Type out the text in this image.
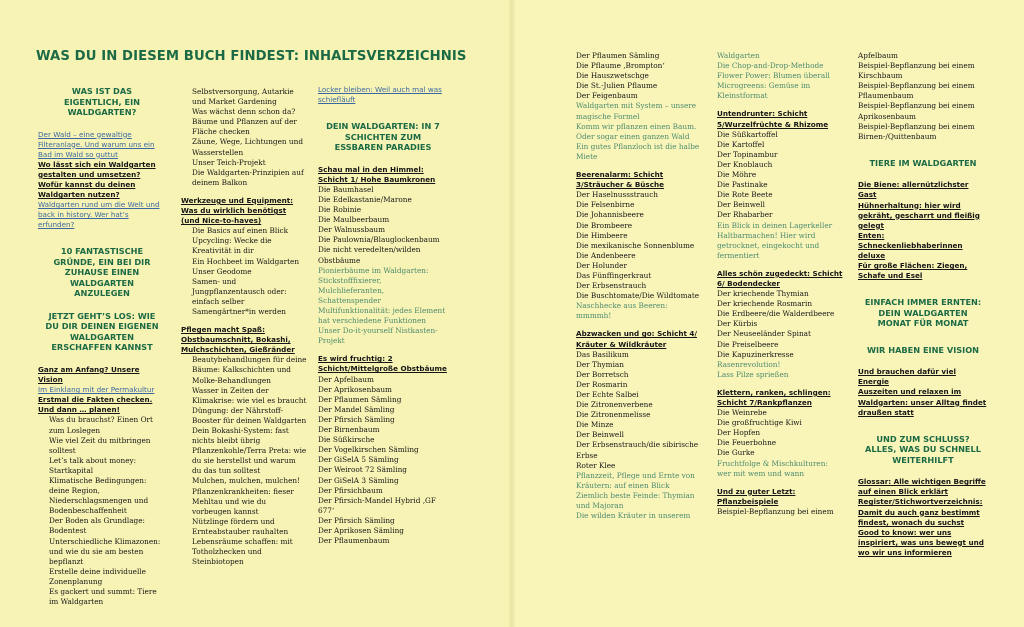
WAS DU IN DIESEM BUCH FINDEST: INHALTSVERZEICHNIS
WAS IST DAS EIGENTLICH, EIN WALDGARTEN?
Der Wald – eine gewaltige Filteranlage. Und warum uns ein Bad im Wald so guttut
Wo lässt sich ein Waldgarten gestalten und umsetzen?
Wofür kannst du deinen Waldgarten nutzen?
Waldgarten rund um die Welt und back in history. Wer hat’s erfunden?
10 FANTASTISCHE GRÜNDE, EIN BEI DIR ZUHAUSE EINEN WALDGARTEN ANZULEGEN
JETZT GEHT’S LOS: WIE DU DIR DEINEN EIGENEN WALDGARTEN ERSCHAFFEN KANNST
Ganz am Anfang? Unsere Vision
Im Einklang mit der Permakultur
Erstmal die Fakten checken. Und dann … planen!
Was du brauchst? Einen Ort zum Loslegen
Wie viel Zeit du mitbringen solltest
Let’s talk about money: Startkapital
Klimatische Bedingungen: deine Region, Niederschlagsmengen und Bodenbeschaffenheit
Der Boden als Grundlage: Bodentest
Unterschiedliche Klimazonen: und wie du sie am besten bepflanzt
Erstelle deine individuelle Zonenplanung
Es gackert und summt: Tiere im Waldgarten
Selbstversorgung, Autarkie und Market Gardening
Was wächst denn schon da? Bäume und Pflanzen auf der Fläche checken
Zäune, Wege, Lichtungen und Wasserstellen
Unser Teich-Projekt
Die Waldgarten-Prinzipien auf deinem Balkon
Werkzeuge und Equipment: Was du wirklich benötigst (und Nice-to-haves)
Die Basics auf einen Blick Upcycling: Wecke die Kreativität in dir
Ein Hochbeet im Waldgarten
Unser Geodome
Samen- und Jungpflanzentausch oder: einfach selber Samengärtner*in werden
Pflegen macht Spaß: Obstbaumschnitt, Bokashi, Mulchschichten, Gießränder
Beautybehandlungen für deine Bäume: Kalkschichten und Molke-Behandlungen
Wasser in Zeiten der Klimakrise: wie viel es braucht
Düngung: der Nährstoff-Booster für deinen Waldgarten
Dein Bokashi-System: fast nichts bleibt übrig
Pflanzenkohle/Terra Preta: wie du sie herstellst und warum du das tun solltest
Mulchen, mulchen, mulchen!
Pflanzenkrankheiten: fieser Mehltau und wie du vorbeugen kannst
Nützlinge fördern und Ernteabstauber rauhalten
Lebensräume schaffen: mit Totholzhecken und Steinbiotopen
Locker bleiben: Weil auch mal was schiefläuft
DEIN WALDGARTEN: IN 7 SCHICHTEN ZUM ESSBAREN PARADIES
Schau mal in den Himmel: Schicht 1/ Hohe Baumkronen
Die Baumhasel
Die Edelkastanie/Marone
Die Robinie
Die Maulbeerbaum
Der Walnussbaum
Die Paulownia/Blauglockenbaum
Die nicht veredelten/wilden Obstbäume
Pionierbäume im Waldgarten: Stickstofffixierer, Mulchlieferanten, Schattenspender
Multifunktionalität: jedes Element hat verschiedene Funktionen
Unser Do-it-yourself Nistkasten-Projekt
Es wird fruchtig: 2 Schicht/Mittelgroße Obstbäume
Der Apfelbaum
Der Aprikosenbaum
Der Pflaumen Sämling
Der Mandel Sämling
Der Pfirsich Sämling
Der Birnenbaum
Die Süßkirsche
Der Vogelkirschen Sämling
Der GiSelA 5 Sämling
Der Weiroot 72 Sämling
Der GiSelA 3 Sämling
Der Pfirsichbaum
Der Pfirsich-Mandel Hybrid ‚GF 677‘
Der Pfirsich Sämling
Der Aprikosen Sämling
Der Pflaumenbaum
Der Pflaumen Sämling
Die Pflaume ‚Brompton‘
Die Hauszwetschge
Die St.-Julien Pflaume
Der Feigenbaum
Waldgarten mit System – unsere magische Formel
Komm wir pflanzen einen Baum. Oder sogar einen ganzen Wald
Ein gutes Pflanzloch ist die halbe Miete
Beerenalarm: Schicht 3/Sträucher & Büsche
Der Haselnussstrauch
Die Felsenbirne
Die Johannisbeere
Die Brombeere
Die Himbeere
Die mexikanische Sonnenblume
Die Andenbeere
Der Holunder
Das Fünffingerkraut
Der Erbsenstrauch
Die Buschtomate/Die Wildtomate
Naschhecke aus Beeren: mmmmh!
Abzwacken und go: Schicht 4/ Kräuter & Wildkräuter
Das Basilikum
Der Thymian
Der Borretsch
Der Rosmarin
Der Echte Salbei
Die Zitronenverbene
Die Zitronenmelisse
Die Minze
Der Beinwell
Der Erbsenstrauch/die sibirische Erbse
Roter Klee
Pflanzzeit, Pflege und Ernte von Kräutern: auf einen Blick
Ziemlich beste Feinde: Thymian und Majoran
Die wilden Kräuter in unserem
Waldgarten
Die Chop-and-Drop-Methode
Flower Power: Blumen überall
Microgreens: Gemüse im Kleinstformat
Untendrunter: Schicht 5/Wurzelfrüchte & Rhizome
Die Süßkartoffel
Die Kartoffel
Der Topinambur
Der Knoblauch
Die Möhre
Die Pastinake
Die Rote Beete
Der Beinwell
Der Rhabarber
Ein Blick in deinen Lagerkeller
Haltbarmachen! Hier wird getrocknet, eingekocht und fermentiert
Alles schön zugedeckt: Schicht 6/ Bodendecker
Der kriechende Thymian
Der kriechende Rosmarin
Die Erdbeere/die Walderdbeere
Der Kürbis
Der Neuseeländer Spinat
Die Preiselbeere
Die Kapuzinerkresse
Rasenrevolution!
Lass Pilze sprießen
Klettern, ranken, schlingen: Schicht 7/Rankpflanzen
Die Weinrebe
Die großfruchtige Kiwi
Der Hopfen
Die Feuerbohne
Die Gurke
Fruchtfolge & Mischkulturen: wer mit wem und wann
Und zu guter Letzt: Pflanzbeispiele
Beispiel-Bepflanzung bei einem
Apfelbaum
Beispiel-Bepflanzung bei einem Kirschbaum
Beispiel-Bepflanzung bei einem Pflaumenbaum
Beispiel-Bepflanzung bei einem Aprikosenbaum
Beispiel-Bepflanzung bei einem Birnen-/Quittenbaum
TIERE IM WALDGARTEN
Die Biene: allernützlichster Gast
Hühnerhaltung: hier wird gekräht, gescharrt und fleißig gelegt
Enten: Schneckenliebhaberinnen deluxe
Für große Flächen: Ziegen, Schafe und Esel
EINFACH IMMER ERNTEN: DEIN WALDGARTEN MONAT FÜR MONAT
WIR HABEN EINE VISION
Und brauchen dafür viel Energie
Auszeiten und relaxen im Waldgarten: unser Alltag findet draußen statt
UND ZUM SCHLUSS? ALLES, WAS DU SCHNELL WEITERHILFT
Glossar: Alle wichtigen Begriffe auf einen Blick erklärt
Register/Stichwortverzeichnis: Damit du auch ganz bestimmt findest, wonach du suchst
Good to know: wer uns inspiriert, was uns bewegt und wo wir uns informieren
